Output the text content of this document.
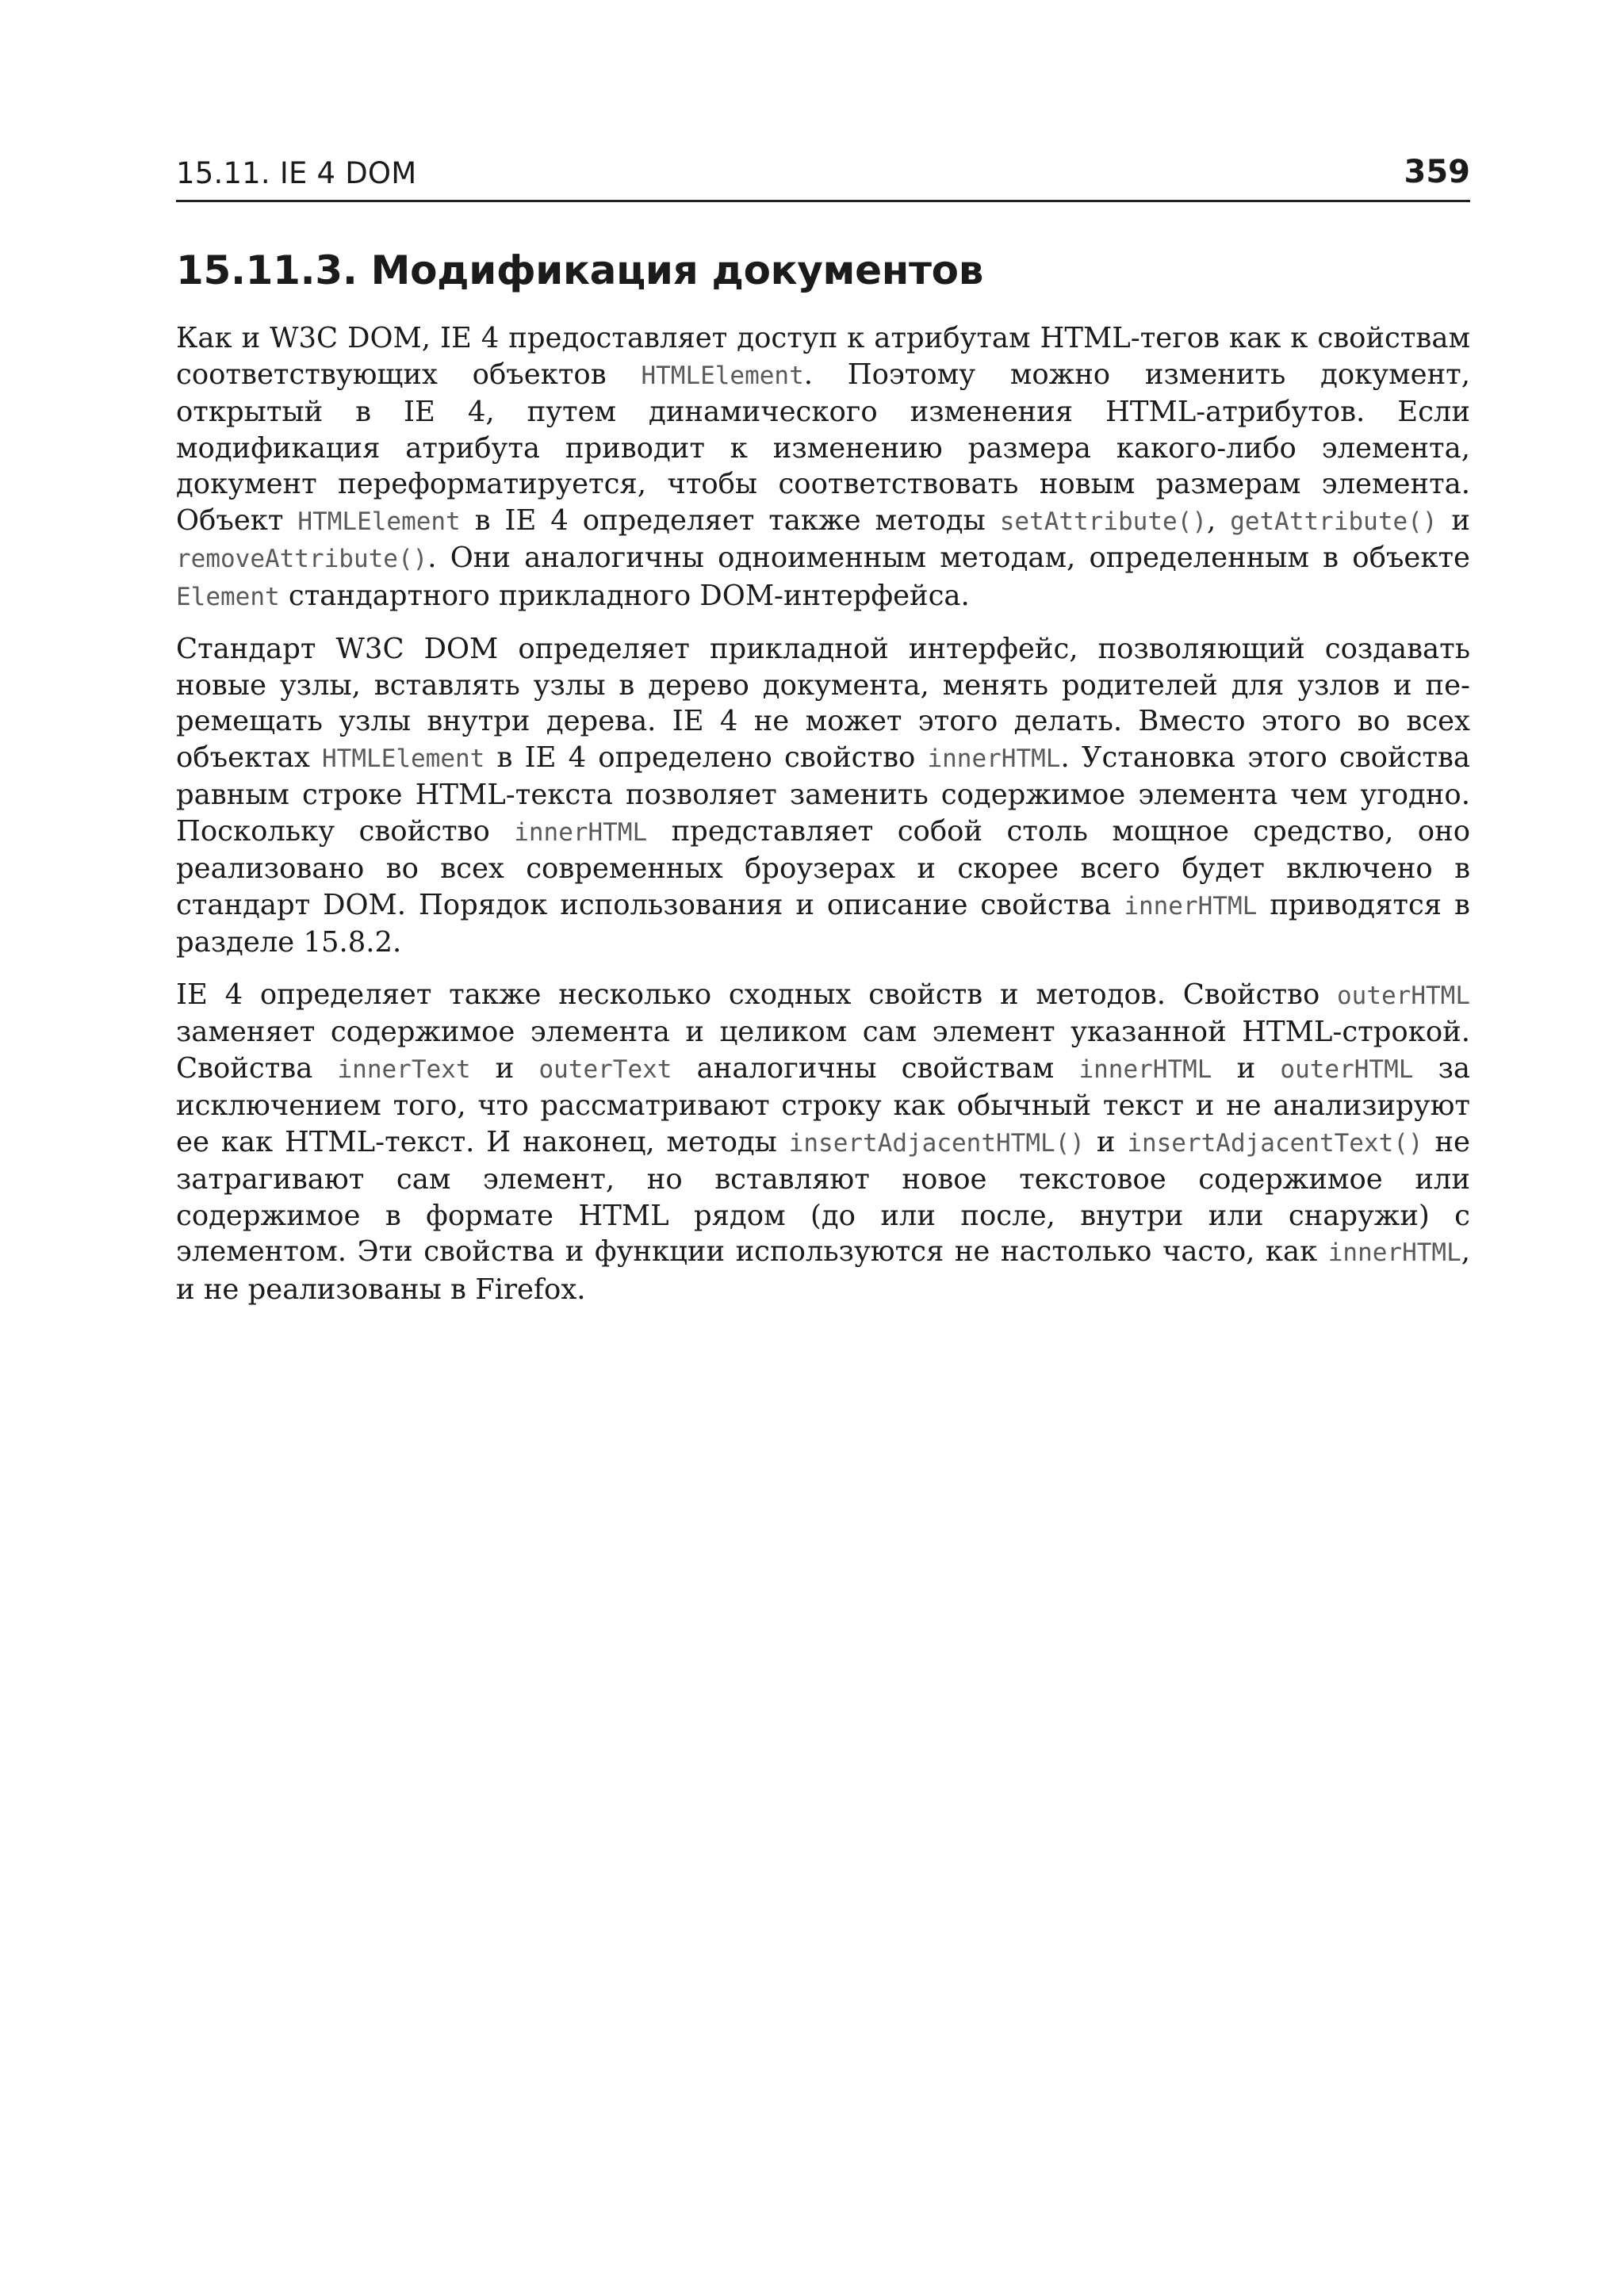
15.11. IE 4 DOM	359
15.11.3. Модификация документов

Как и W3C DOM, IE 4 предоставляет доступ к атрибутам HTML-тегов как к свойствам соответствующих объектов HTMLElement. Поэтому можно изменить документ, открытый в IE 4, путем динамического изменения HTML-атрибутов. Если модификация атрибута приводит к изменению размера какого-либо элемента, документ переформатируется, чтобы соответствовать новым размерам элемента. Объект HTMLElement в IE 4 определяет также методы setAttribute(), getAttribute() и removeAttribute(). Они аналогичны одноименным методам, определенным в объекте Element стандартного прикладного DOM-интерфейса.

Стандарт W3C DOM определяет прикладной интерфейс, позволяющий создавать новые узлы, вставлять узлы в дерево документа, менять родителей для узлов и перемещать узлы внутри дерева. IE 4 не может этого делать. Вместо этого во всех объектах HTMLElement в IE 4 определено свойство innerHTML. Установка этого свойства равным строке HTML-текста позволяет заменить содержимое элемента чем угодно. Поскольку свойство innerHTML представляет собой столь мощное средство, оно реализовано во всех современных броузерах и скорее всего будет включено в стандарт DOM. Порядок использования и описание свойства innerHTML приводятся в разделе 15.8.2.

IE 4 определяет также несколько сходных свойств и методов. Свойство outerHTML заменяет содержимое элемента и целиком сам элемент указанной HTML-строкой. Свойства innerText и outerText аналогичны свойствам innerHTML и outerHTML за исключением того, что рассматривают строку как обычный текст и не анализируют ее как HTML-текст. И наконец, методы insertAdjacentHTML() и insertAdjacentText() не затрагивают сам элемент, но вставляют новое текстовое содержимое или содержимое в формате HTML рядом (до или после, внутри или снаружи) с элементом. Эти свойства и функции используются не настолько часто, как innerHTML, и не реализованы в Firefox.
